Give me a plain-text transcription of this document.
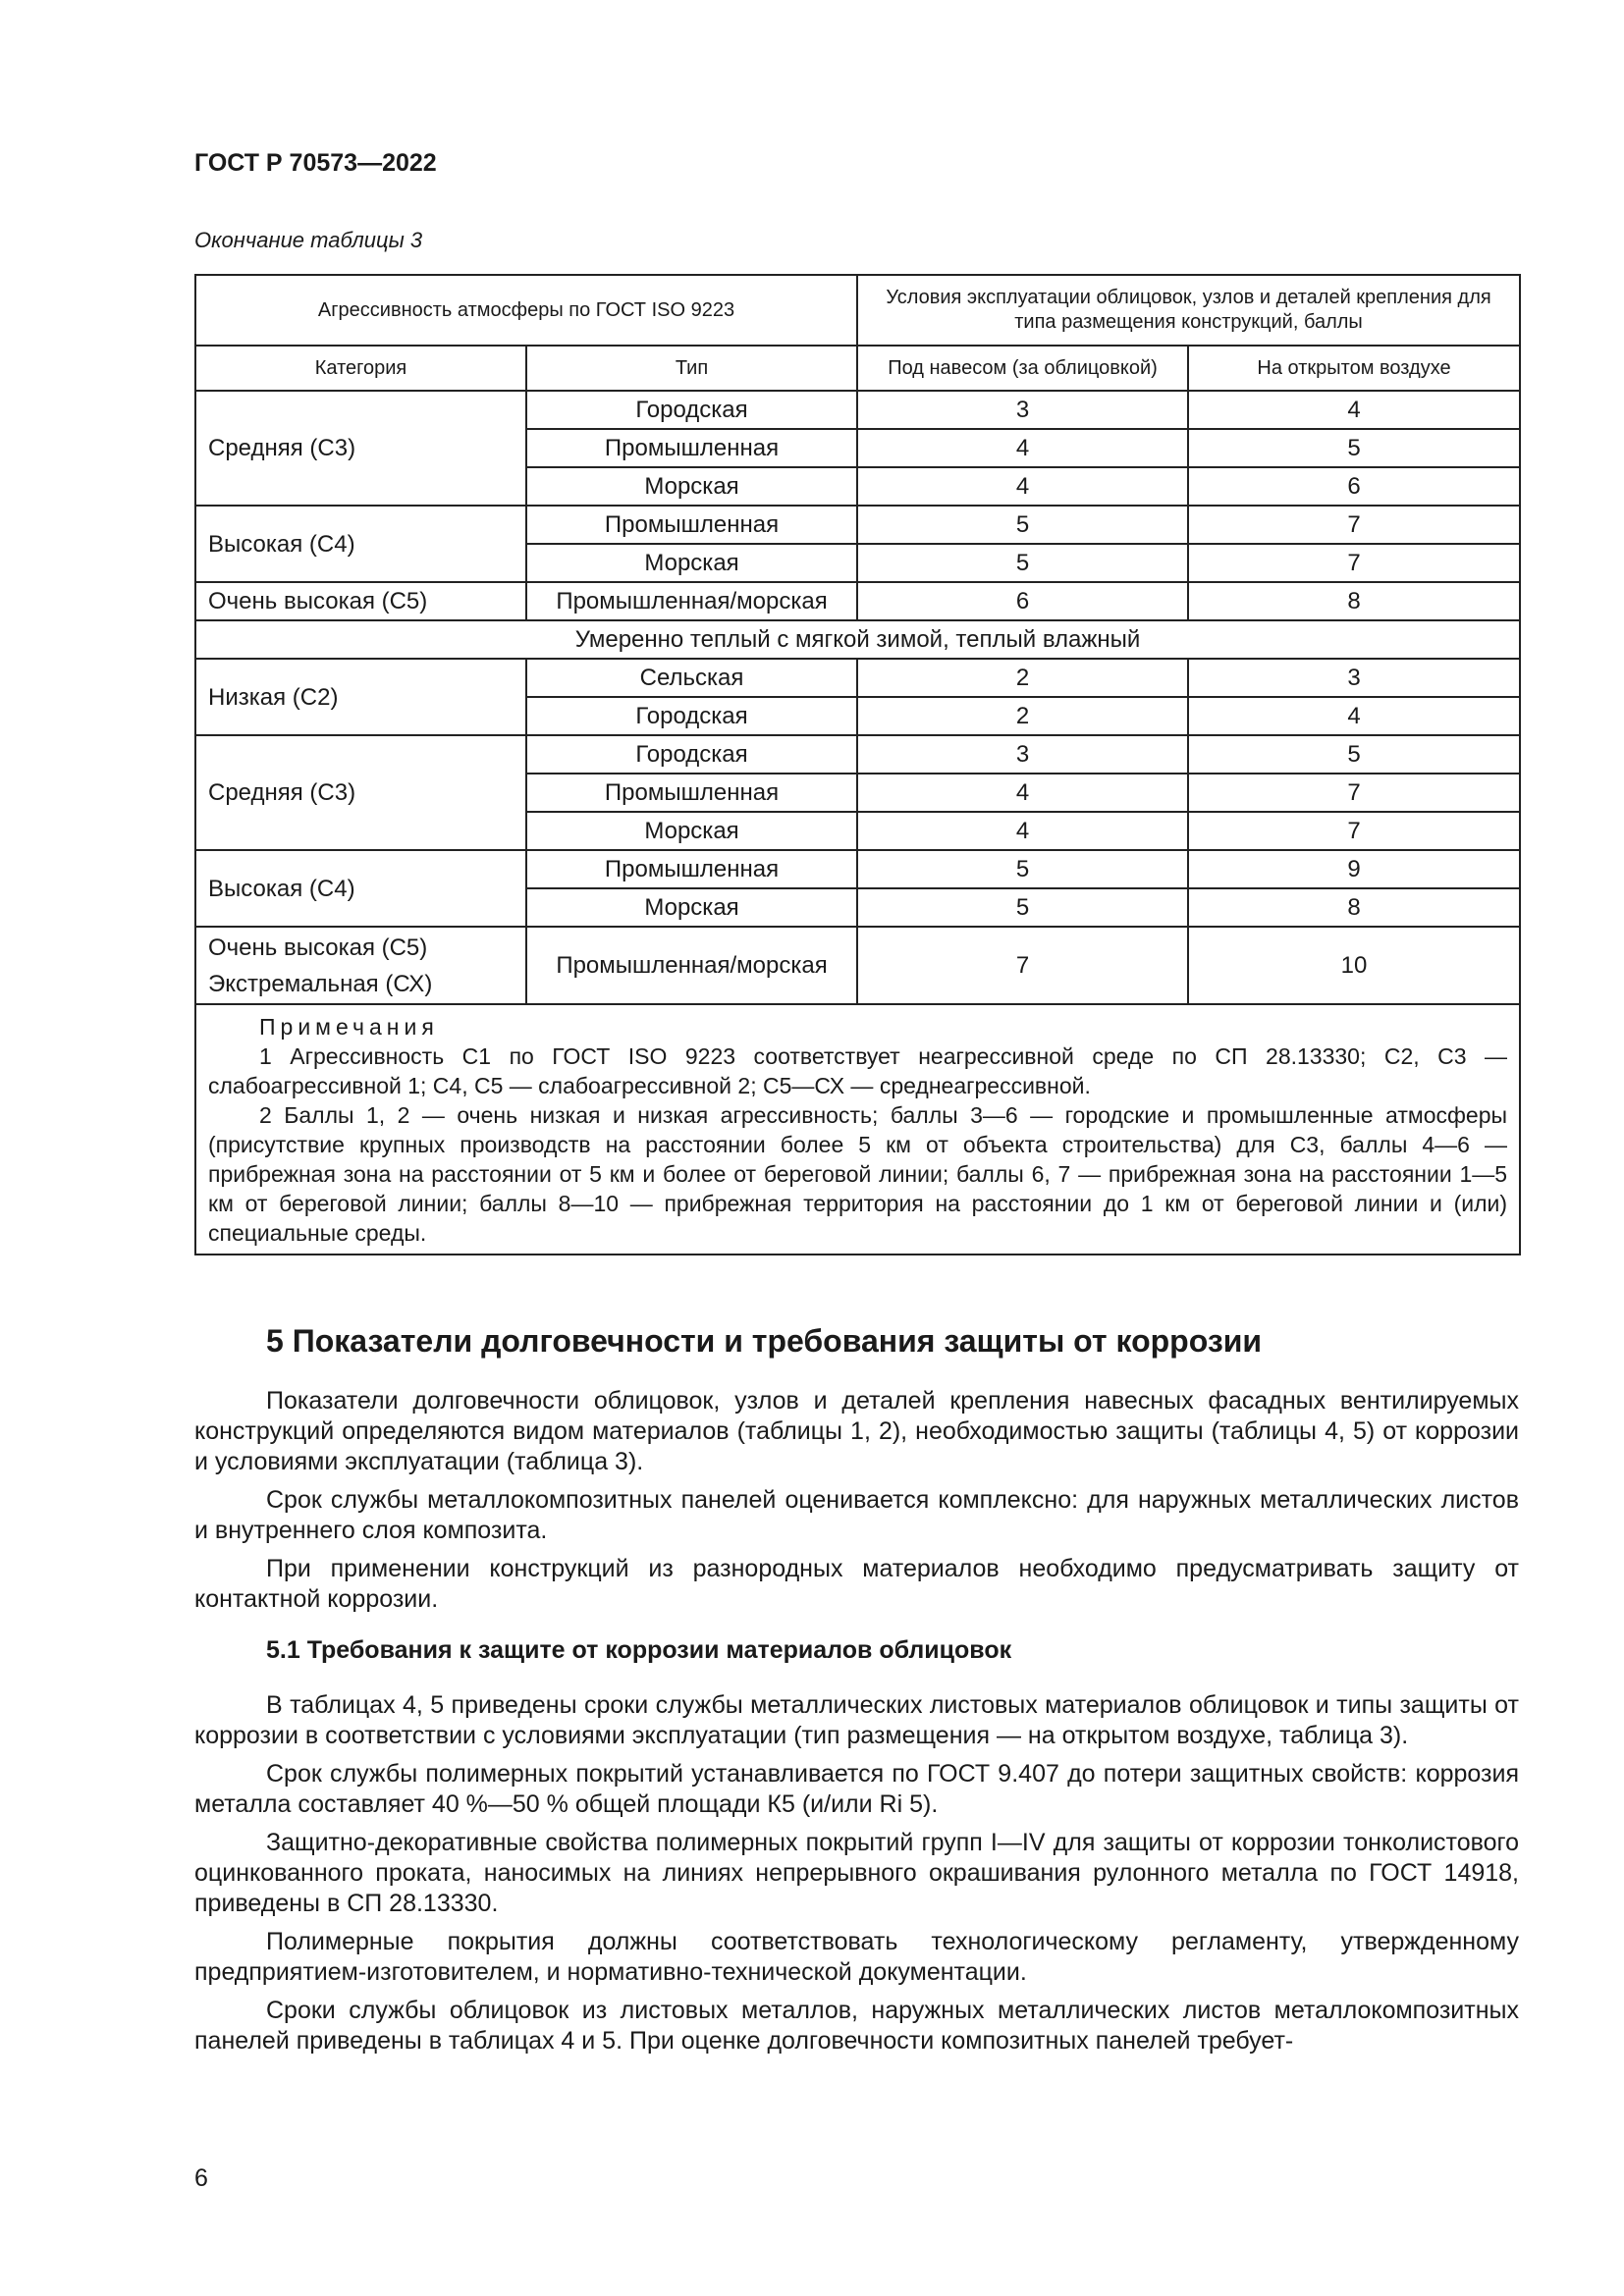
ГОСТ Р 70573—2022
Окончание таблицы 3
Агрессивность атмосферы по ГОСТ ISO 9223		Условия эксплуатации облицовок, узлов и деталей крепления для типа размещения конструкций, баллы	
Категория	Тип	Под навесом (за облицовкой)	На открытом воздухе
Средняя (С3)	Городская	3	4
	Промышленная	4	5
	Морская	4	6
Высокая (С4)	Промышленная	5	7
	Морская	5	7
Очень высокая (С5)	Промышленная/морская	6	8
Умеренно теплый с мягкой зимой, теплый влажный			
Низкая (С2)	Сельская	2	3
	Городская	2	4
Средняя (С3)	Городская	3	5
	Промышленная	4	7
	Морская	4	7
Высокая (С4)	Промышленная	5	9
	Морская	5	8

Очень высокая (С5)
Экстремальная (СХ)	Промышленная/морская	7	10

Примечания
1 Агрессивность С1 по ГОСТ ISO 9223 соответствует неагрессивной среде по СП 28.13330; С2, С3 — слабоагрессивной 1; С4, С5 — слабоагрессивной 2; С5—СХ — среднеагрессивной.
2 Баллы 1, 2 — очень низкая и низкая агрессивность; баллы 3—6 — городские и промышленные атмосферы (присутствие крупных производств на расстоянии более 5 км от объекта строительства) для С3, баллы 4—6 — прибрежная зона на расстоянии от 5 км и более от береговой линии; баллы 6, 7 — прибрежная зона на расстоянии 1—5 км от береговой линии; баллы 8—10 — прибрежная территория на расстоянии до 1 км от береговой линии и (или) специальные среды.			
5 Показатели долговечности и требования защиты от коррозии

Показатели долговечности облицовок, узлов и деталей крепления навесных фасадных вентилируемых конструкций определяются видом материалов (таблицы 1, 2), необходимостью защиты (таблицы 4, 5) от коррозии и условиями эксплуатации (таблица 3).

Срок службы металлокомпозитных панелей оценивается комплексно: для наружных металлических листов и внутреннего слоя композита.

При применении конструкций из разнородных материалов необходимо предусматривать защиту от контактной коррозии.

5.1 Требования к защите от коррозии материалов облицовок

В таблицах 4, 5 приведены сроки службы металлических листовых материалов облицовок и типы защиты от коррозии в соответствии с условиями эксплуатации (тип размещения — на открытом воздухе, таблица 3).

Срок службы полимерных покрытий устанавливается по ГОСТ 9.407 до потери защитных свойств: коррозия металла составляет 40 %—50 % общей площади К5 (и/или Ri 5).

Защитно-декоративные свойства полимерных покрытий групп I—IV для защиты от коррозии тонколистового оцинкованного проката, наносимых на линиях непрерывного окрашивания рулонного металла по ГОСТ 14918, приведены в СП 28.13330.

Полимерные покрытия должны соответствовать технологическому регламенту, утвержденному предприятием-изготовителем, и нормативно-технической документации.

Сроки службы облицовок из листовых металлов, наружных металлических листов металлокомпозитных панелей приведены в таблицах 4 и 5. При оценке долговечности композитных панелей требует-

6
